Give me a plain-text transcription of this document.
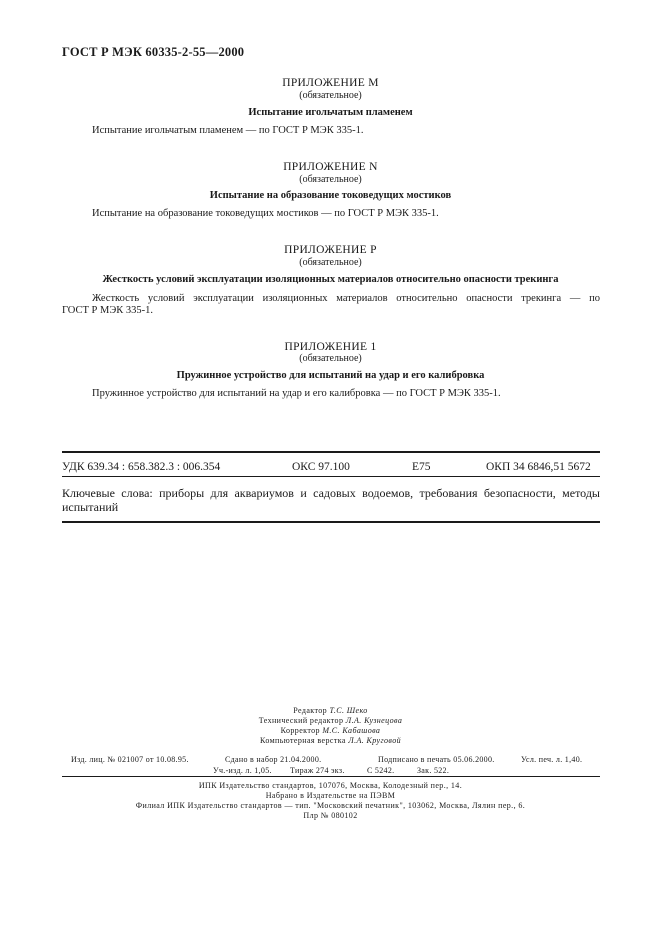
ГОСТ Р МЭК 60335-2-55—2000
ПРИЛОЖЕНИЕ М
(обязательное)
Испытание игольчатым пламенем
Испытание игольчатым пламенем — по ГОСТ Р МЭК 335-1.
ПРИЛОЖЕНИЕ N
(обязательное)
Испытание на образование токоведущих мостиков
Испытание на образование токоведущих мостиков — по ГОСТ Р МЭК 335-1.
ПРИЛОЖЕНИЕ Р
(обязательное)
Жесткость условий эксплуатации изоляционных материалов относительно опасности трекинга
Жесткость условий эксплуатации изоляционных материалов относительно опасности трекинга — по
ГОСТ Р МЭК 335-1.
ПРИЛОЖЕНИЕ 1
(обязательное)
Пружинное устройство для испытаний на удар и его калибровка
Пружинное устройство для испытаний на удар и его калибровка — по ГОСТ Р МЭК 335-1.
УДК 639.34 : 658.382.3 : 006.354	ОКС 97.100	Е75	ОКП 34 6846,51 5672
Ключевые слова: приборы для аквариумов и садовых водоемов, требования безопасности, методы испытаний
Редактор Т.С. Шеко
Технический редактор Л.А. Кузнецова
Корректор М.С. Кабашова
Компьютерная верстка Л.А. Круговой
Изд. лиц. № 021007 от 10.08.95.	Сдано в набор 21.04.2000.	Подписано в печать 05.06.2000.	Усл. печ. л. 1,40.
Уч.-изд. л. 1,05. Тираж 274 экз.	С 5242.	Зак. 522.
ИПК Издательство стандартов, 107076, Москва, Колодезный пер., 14.
Набрано в Издательстве на ПЭВМ
Филиал ИПК Издательство стандартов — тип. "Московский печатник", 103062, Москва, Лялин пер., 6.
Плр № 080102
